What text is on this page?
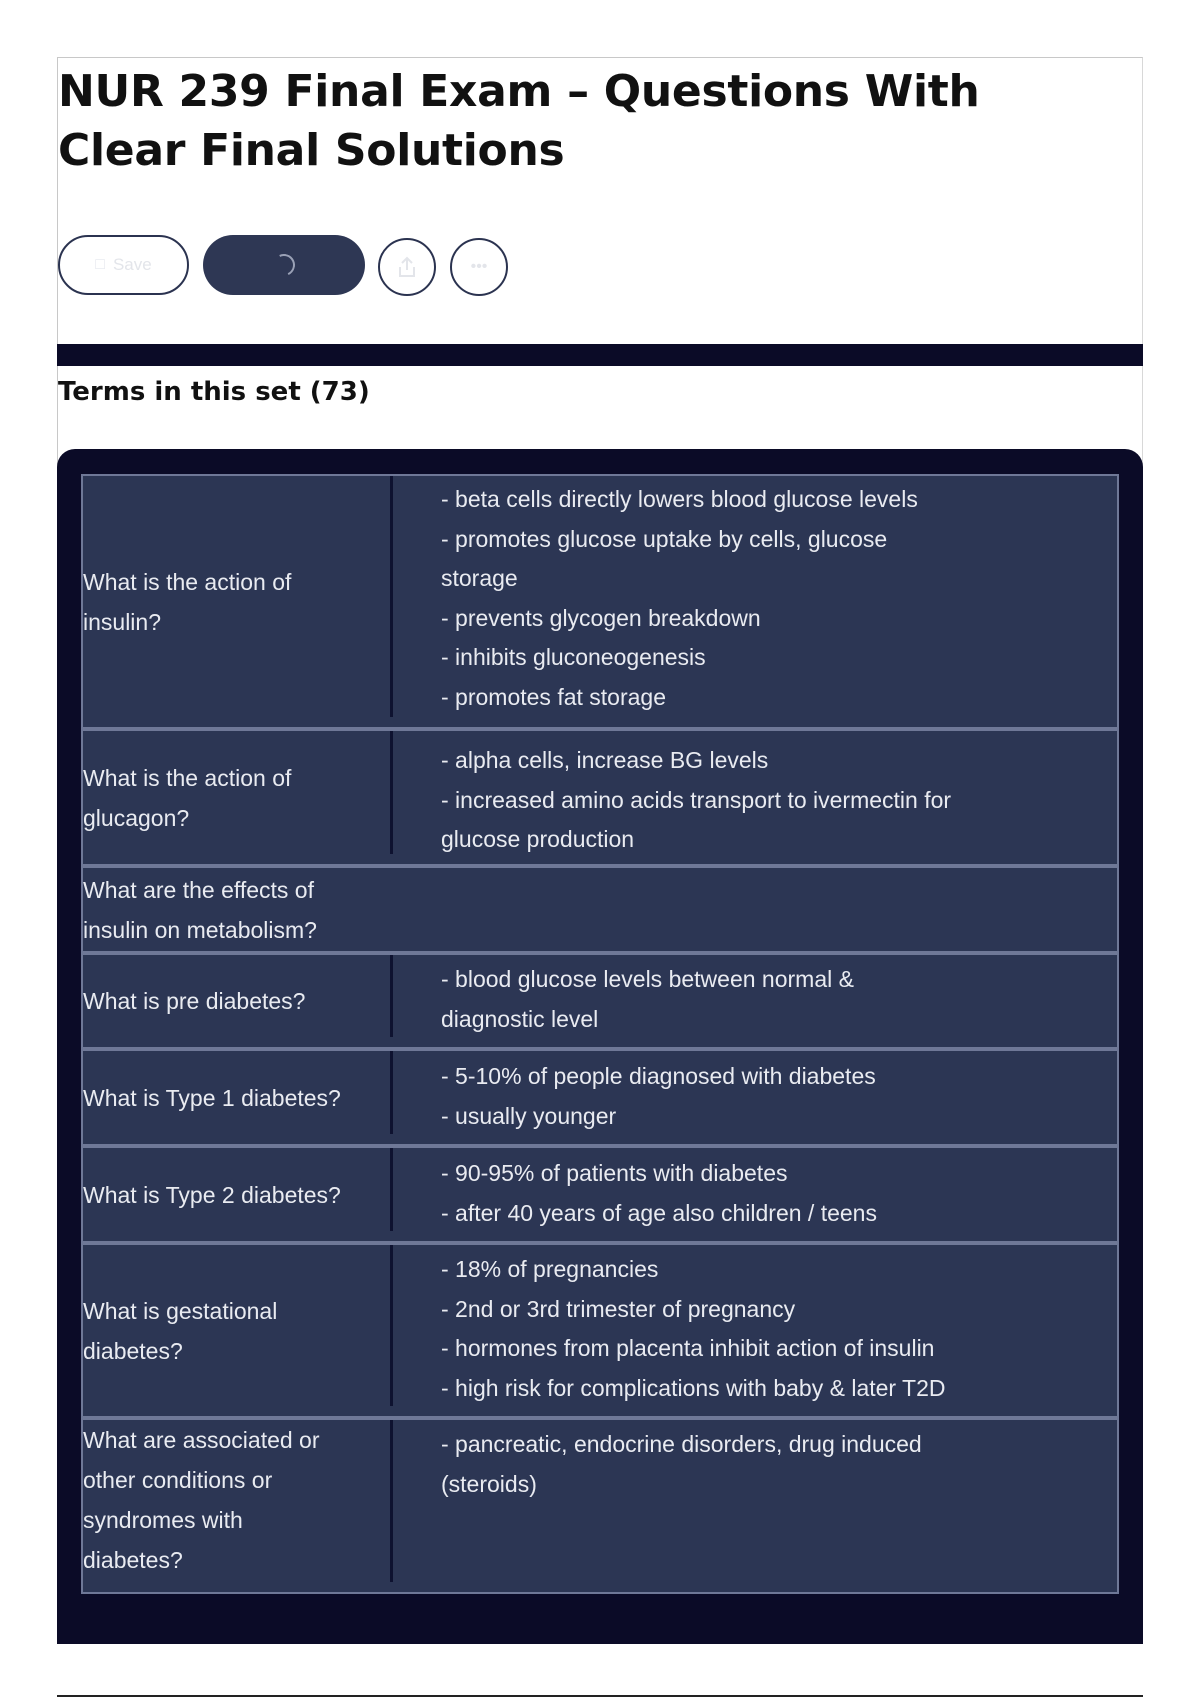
NUR 239 Final Exam – Questions With Clear Final Solutions
□ Save	•••
Terms in this set (73)
What is the action of
insulin?
- beta cells directly lowers blood glucose levels
- promotes glucose uptake by cells, glucose
storage
- prevents glycogen breakdown
- inhibits gluconeogenesis
- promotes fat storage
What is the action of
glucagon?
- alpha cells, increase BG levels
- increased amino acids transport to ivermectin for
glucose production
What are the effects of
insulin on metabolism?
What is pre diabetes?
- blood glucose levels between normal &
diagnostic level
What is Type 1 diabetes?
- 5-10% of people diagnosed with diabetes
- usually younger
What is Type 2 diabetes?
- 90-95% of patients with diabetes
- after 40 years of age also children / teens
What is gestational
diabetes?
- 18% of pregnancies
- 2nd or 3rd trimester of pregnancy
- hormones from placenta inhibit action of insulin
- high risk for complications with baby & later T2D
What are associated or
other conditions or
syndromes with
diabetes?
- pancreatic, endocrine disorders, drug induced
(steroids)
